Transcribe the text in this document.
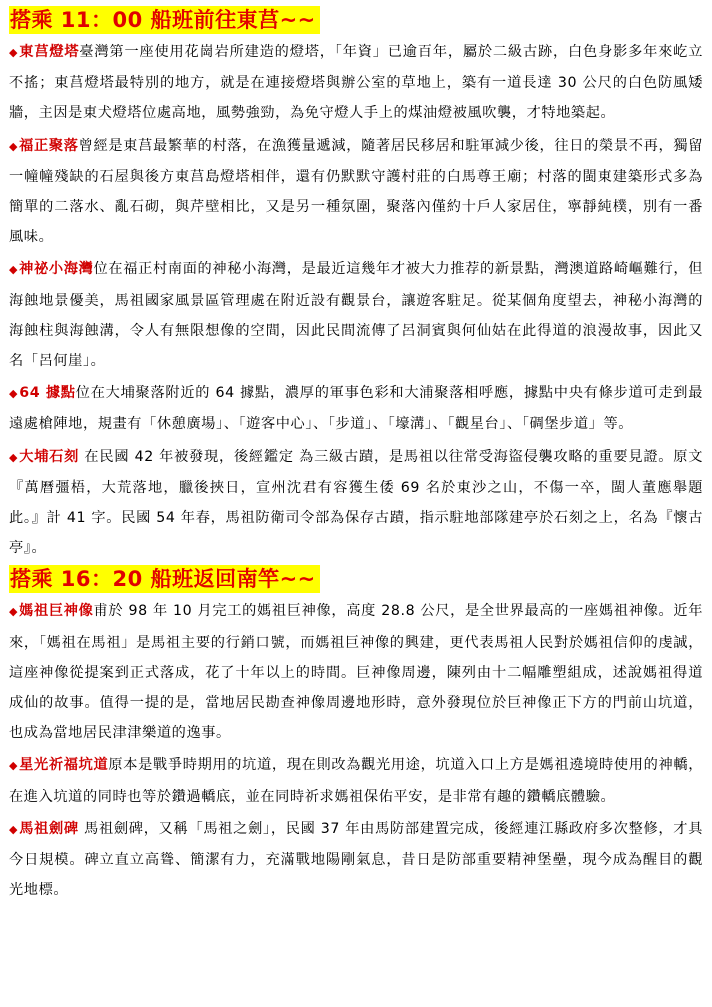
搭乘 11：00 船班前往東莒~~

◆東莒燈塔臺灣第一座使用花崗岩所建造的燈塔，「年資」已逾百年，屬於二級古跡，白色身影多年來屹立不搖；東莒燈塔最特別的地方，就是在連接燈塔與辦公室的草地上，築有一道長達 30 公尺的白色防風矮牆，主因是東犬燈塔位處高地，風勢強勁，為免守燈人手上的煤油燈被風吹襲，才特地築起。

◆福正聚落曾經是東莒最繁華的村落，在漁獲量遞減，隨著居民移居和駐軍減少後，往日的榮景不再，獨留一幢幢殘缺的石屋與後方東莒島燈塔相伴，還有仍默默守護村莊的白馬尊王廟；村落的閩東建築形式多為簡單的二落水、亂石砌，與芹壁相比，又是另一種氛圍，聚落內僅約十戶人家居住，寧靜純樸，別有一番風味。

◆神祕小海灣位在福正村南面的神秘小海灣，是最近這幾年才被大力推荐的新景點，灣澳道路崎嶇難行，但海蝕地景優美，馬祖國家風景區管理處在附近設有觀景台，讓遊客駐足。從某個角度望去，神秘小海灣的海蝕柱與海蝕溝，令人有無限想像的空間，因此民間流傳了呂洞賓與何仙姑在此得道的浪漫故事，因此又名「呂何崖」。

◆64 據點位在大埔聚落附近的 64 據點，濃厚的軍事色彩和大浦聚落相呼應，據點中央有條步道可走到最遠處槍陣地，規畫有「休憩廣場」、「遊客中心」、「步道」、「壕溝」、「觀星台」、「碉堡步道」等。

◆大埔石刻 在民國 42 年被發現，後經鑑定 為三級古蹟，是馬祖以往常受海盜侵襲攻略的重要見證。原文『萬曆彊梧，大荒落地，臘後挾日，宣州沈君有容獲生倭 69 名於東沙之山，不傷一卒，閩人董應舉題此。』計 41 字。民國 54 年春，馬祖防衛司令部為保存古蹟，指示駐地部隊建亭於石刻之上，名為『懷古亭』。

搭乘 16：20 船班返回南竿~~

◆媽祖巨神像甫於 98 年 10 月完工的媽祖巨神像，高度 28.8 公尺，是全世界最高的一座媽祖神像。近年來，「媽祖在馬祖」是馬祖主要的行銷口號，而媽祖巨神像的興建，更代表馬祖人民對於媽祖信仰的虔誠，這座神像從提案到正式落成，花了十年以上的時間。巨神像周邊，陳列由十二幅雕塑組成，述說媽祖得道成仙的故事。值得一提的是，當地居民勘查神像周邊地形時，意外發現位於巨神像正下方的門前山坑道，也成為當地居民津津樂道的逸事。

◆星光祈福坑道原本是戰爭時期用的坑道，現在則改為觀光用途，坑道入口上方是媽祖遶境時使用的神轎，在進入坑道的同時也等於鑽過轎底，並在同時祈求媽祖保佑平安，是非常有趣的鑽轎底體驗。

◆馬祖劍碑 馬祖劍碑，又稱「馬祖之劍」，民國 37 年由馬防部建置完成，後經連江縣政府多次整修，才具今日規模。碑立直立高聳、簡潔有力，充滿戰地陽剛氣息，昔日是防部重要精神堡壘，現今成為醒目的觀光地標。
